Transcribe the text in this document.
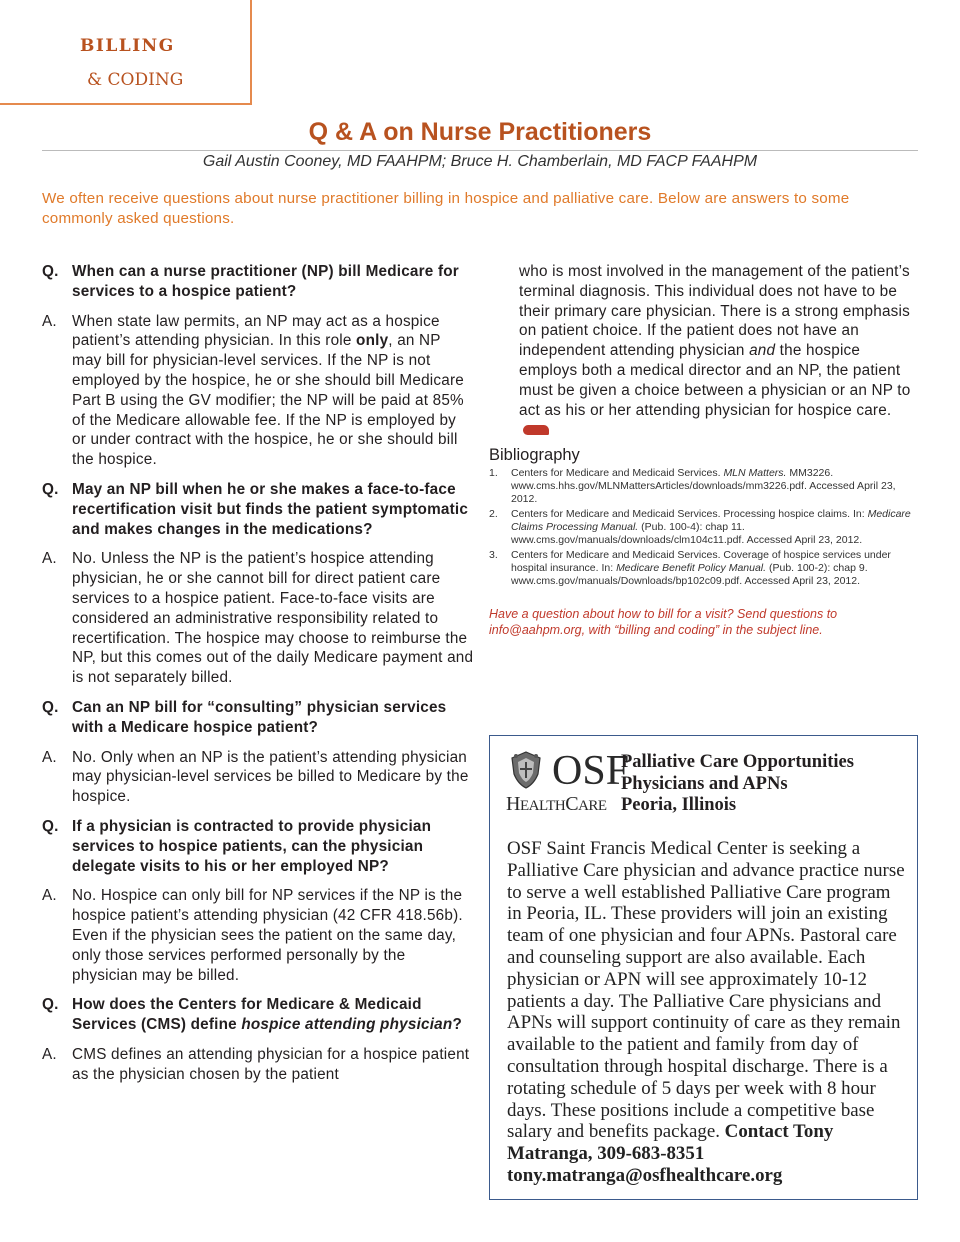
BILLING
& CODING
Q & A on Nurse Practitioners
Gail Austin Cooney, MD FAAHPM; Bruce H. Chamberlain, MD FACP FAAHPM
We often receive questions about nurse practitioner billing in hospice and palliative care. Below are answers to some commonly asked questions.
Q. When can a nurse practitioner (NP) bill Medicare for services to a hospice patient?
A. When state law permits, an NP may act as a hospice patient’s attending physician. In this role only, an NP may bill for physician-level services. If the NP is not employed by the hospice, he or she should bill Medicare Part B using the GV modifier; the NP will be paid at 85% of the Medicare allowable fee. If the NP is employed by or under contract with the hospice, he or she should bill the hospice.
Q. May an NP bill when he or she makes a face-to-face recertification visit but finds the patient symptomatic and makes changes in the medications?
A. No. Unless the NP is the patient’s hospice attending physician, he or she cannot bill for direct patient care services to a hospice patient. Face-to-face visits are considered an administrative responsibility related to recertification. The hospice may choose to reimburse the NP, but this comes out of the daily Medicare payment and is not separately billed.
Q. Can an NP bill for “consulting” physician services with a Medicare hospice patient?
A. No. Only when an NP is the patient’s attending physician may physician-level services be billed to Medicare by the hospice.
Q. If a physician is contracted to provide physician services to hospice patients, can the physician delegate visits to his or her employed NP?
A. No. Hospice can only bill for NP services if the NP is the hospice patient’s attending physician (42 CFR 418.56b). Even if the physician sees the patient on the same day, only those services performed personally by the physician may be billed.
Q. How does the Centers for Medicare & Medicaid Services (CMS) define hospice attending physician?
A. CMS defines an attending physician for a hospice patient as the physician chosen by the patient
who is most involved in the management of the patient’s terminal diagnosis. This individual does not have to be their primary care physician. There is a strong emphasis on patient choice. If the patient does not have an independent attending physician and the hospice employs both a medical director and an NP, the patient must be given a choice between a physician or an NP to act as his or her attending physician for hospice care.
Bibliography
1.	Centers for Medicare and Medicaid Services. MLN Matters. MM3226. www.cms.hhs.gov/MLNMattersArticles/downloads/mm3226.pdf. Accessed April 23, 2012.
2.	Centers for Medicare and Medicaid Services. Processing hospice claims. In: Medicare Claims Processing Manual. (Pub. 100-4): chap 11. www.cms.gov/manuals/downloads/clm104c11.pdf. Accessed April 23, 2012.
3.	Centers for Medicare and Medicaid Services. Coverage of hospice services under hospital insurance. In: Medicare Benefit Policy Manual. (Pub. 100-2): chap 9. www.cms.gov/manuals/Downloads/bp102c09.pdf. Accessed April 23, 2012.
Have a question about how to bill for a visit? Send questions to info@aahpm.org, with “billing and coding” in the subject line.
OSF
HEALTHCARE
Palliative Care Opportunities
Physicians and APNs
Peoria, Illinois
OSF Saint Francis Medical Center is seeking a Palliative Care physician and advance practice nurse to serve a well established Palliative Care program in Peoria, IL. These providers will join an existing team of one physician and four APNs. Pastoral care and counseling support are also available. Each physician or APN will see approximately 10-12 patients a day. The Palliative Care physicians and APNs will support continuity of care as they remain available to the patient and family from day of consultation through hospital discharge. There is a rotating schedule of 5 days per week with 8 hour days. These positions include a competitive base salary and benefits package. Contact Tony Matranga, 309-683-8351 tony.matranga@osfhealthcare.org
